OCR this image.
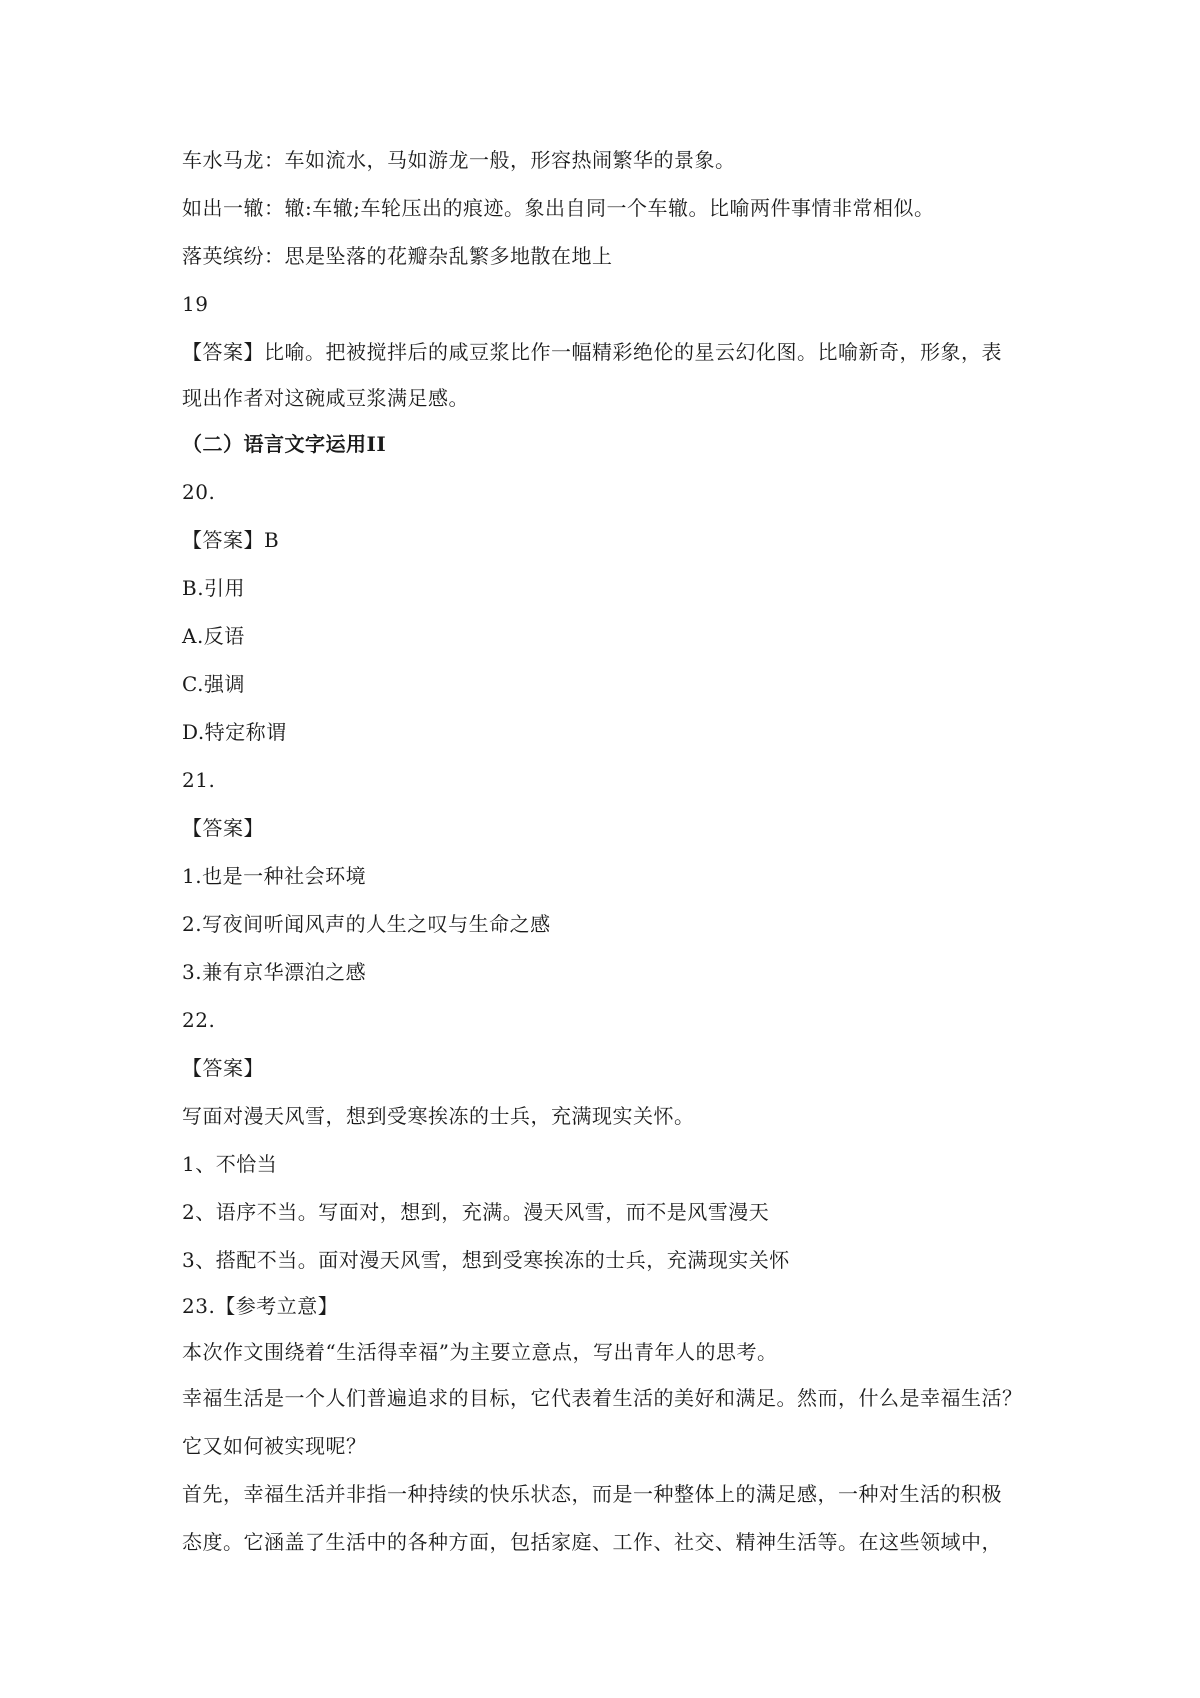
车水马龙：车如流水，马如游龙一般，形容热闹繁华的景象。
如出一辙：辙:车辙;车轮压出的痕迹。象出自同一个车辙。比喻两件事情非常相似。
落英缤纷：思是坠落的花瓣杂乱繁多地散在地上
19
【答案】比喻。把被搅拌后的咸豆浆比作一幅精彩绝伦的星云幻化图。比喻新奇，形象，表
现出作者对这碗咸豆浆满足感。
（二）语言文字运用II
20.
【答案】B
B.引用
A.反语
C.强调
D.特定称谓
21.
【答案】
1.也是一种社会环境
2.写夜间听闻风声的人生之叹与生命之感
3.兼有京华漂泊之感
22.
【答案】
写面对漫天风雪，想到受寒挨冻的士兵，充满现实关怀。
1、不恰当
2、语序不当。写面对，想到，充满。漫天风雪，而不是风雪漫天
3、搭配不当。面对漫天风雪，想到受寒挨冻的士兵，充满现实关怀
23.【参考立意】
本次作文围绕着“生活得幸福”为主要立意点，写出青年人的思考。
幸福生活是一个人们普遍追求的目标，它代表着生活的美好和满足。然而，什么是幸福生活？
它又如何被实现呢？
首先，幸福生活并非指一种持续的快乐状态，而是一种整体上的满足感，一种对生活的积极
态度。它涵盖了生活中的各种方面，包括家庭、工作、社交、精神生活等。在这些领域中，
